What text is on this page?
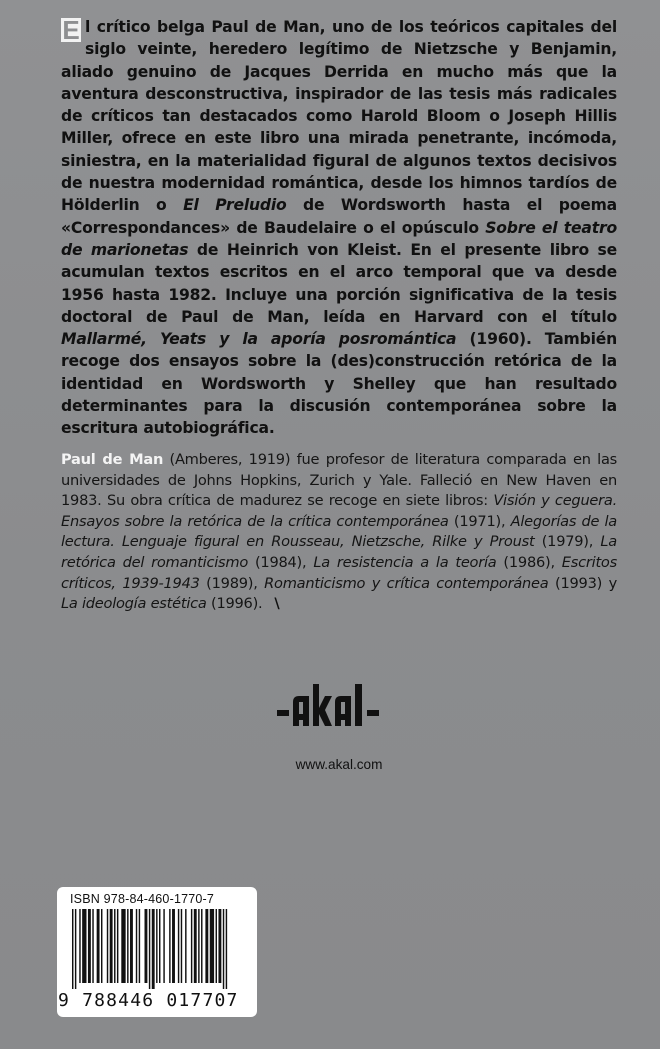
E l crítico belga Paul de Man, uno de los teóricos capitales del siglo veinte, heredero legítimo de Nietzsche y Benjamin, aliado genuino de Jacques Derrida en mucho más que la aventura desconstructiva, inspirador de las tesis más radicales de críticos tan destacados como Harold Bloom o Joseph Hillis Miller, ofrece en este libro una mirada penetrante, incómoda, siniestra, en la materialidad figural de algunos textos decisivos de nuestra modernidad romántica, desde los himnos tardíos de Hölderlin o El Preludio de Wordsworth hasta el poema «Correspondances» de Baudelaire o el opúsculo Sobre el teatro de marionetas de Heinrich von Kleist. En el presente libro se acumulan textos escritos en el arco temporal que va desde 1956 hasta 1982. Incluye una porción significativa de la tesis doctoral de Paul de Man, leída en Harvard con el título Mallarmé, Yeats y la aporía posromántica (1960). También recoge dos ensayos sobre la (des)construcción retórica de la identidad en Wordsworth y Shelley que han resultado determinantes para la discusión contemporánea sobre la escritura autobiográfica.
Paul de Man (Amberes, 1919) fue profesor de literatura comparada en las universidades de Johns Hopkins, Zurich y Yale. Falleció en New Haven en 1983. Su obra crítica de madurez se recoge en siete libros: Visión y ceguera. Ensayos sobre la retórica de la crítica contemporánea (1971), Alegorías de la lectura. Lenguaje figural en Rousseau, Nietzsche, Rilke y Proust (1979), La retórica del romanticismo (1984), La resistencia a la teoría (1986), Escritos críticos, 1939-1943 (1989), Romanticismo y crítica contemporánea (1993) y La ideología estética (1996). \
www.akal.com
ISBN 978-84-460-1770-7
9 788446 017707
